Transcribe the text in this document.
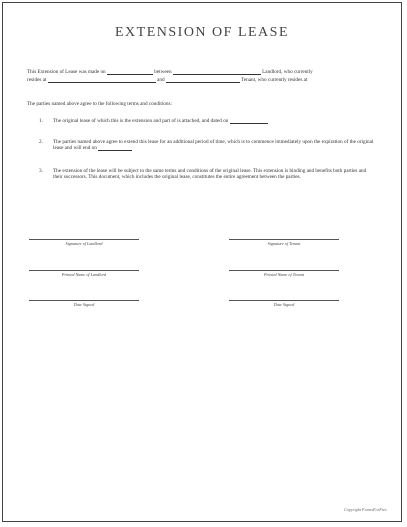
EXTENSION OF LEASE
This Extension of Lease was made on	between	Landlord, who currently
resides at	and	Tenant, who currently resides at
The parties named above agree to the following terms and conditions:
1. The original lease of which this is the extension and part of is attached, and dated on
2. The parties named above agree to extend this lease for an additional period of time, which is to commence immediately upon the expiration of the original lease and will end on
3. The extension of the lease will be subject to the same terms and conditions of the original lease. This extension is binding and benefits both parties and their successors. This document, which includes the original lease, constitutes the entire agreement between the parties.
Signature of Landlord	Signature of Tenant
Printed Name of Landlord	Printed Name of Tenant
Date Signed	Date Signed
Copyright FormsForFree
